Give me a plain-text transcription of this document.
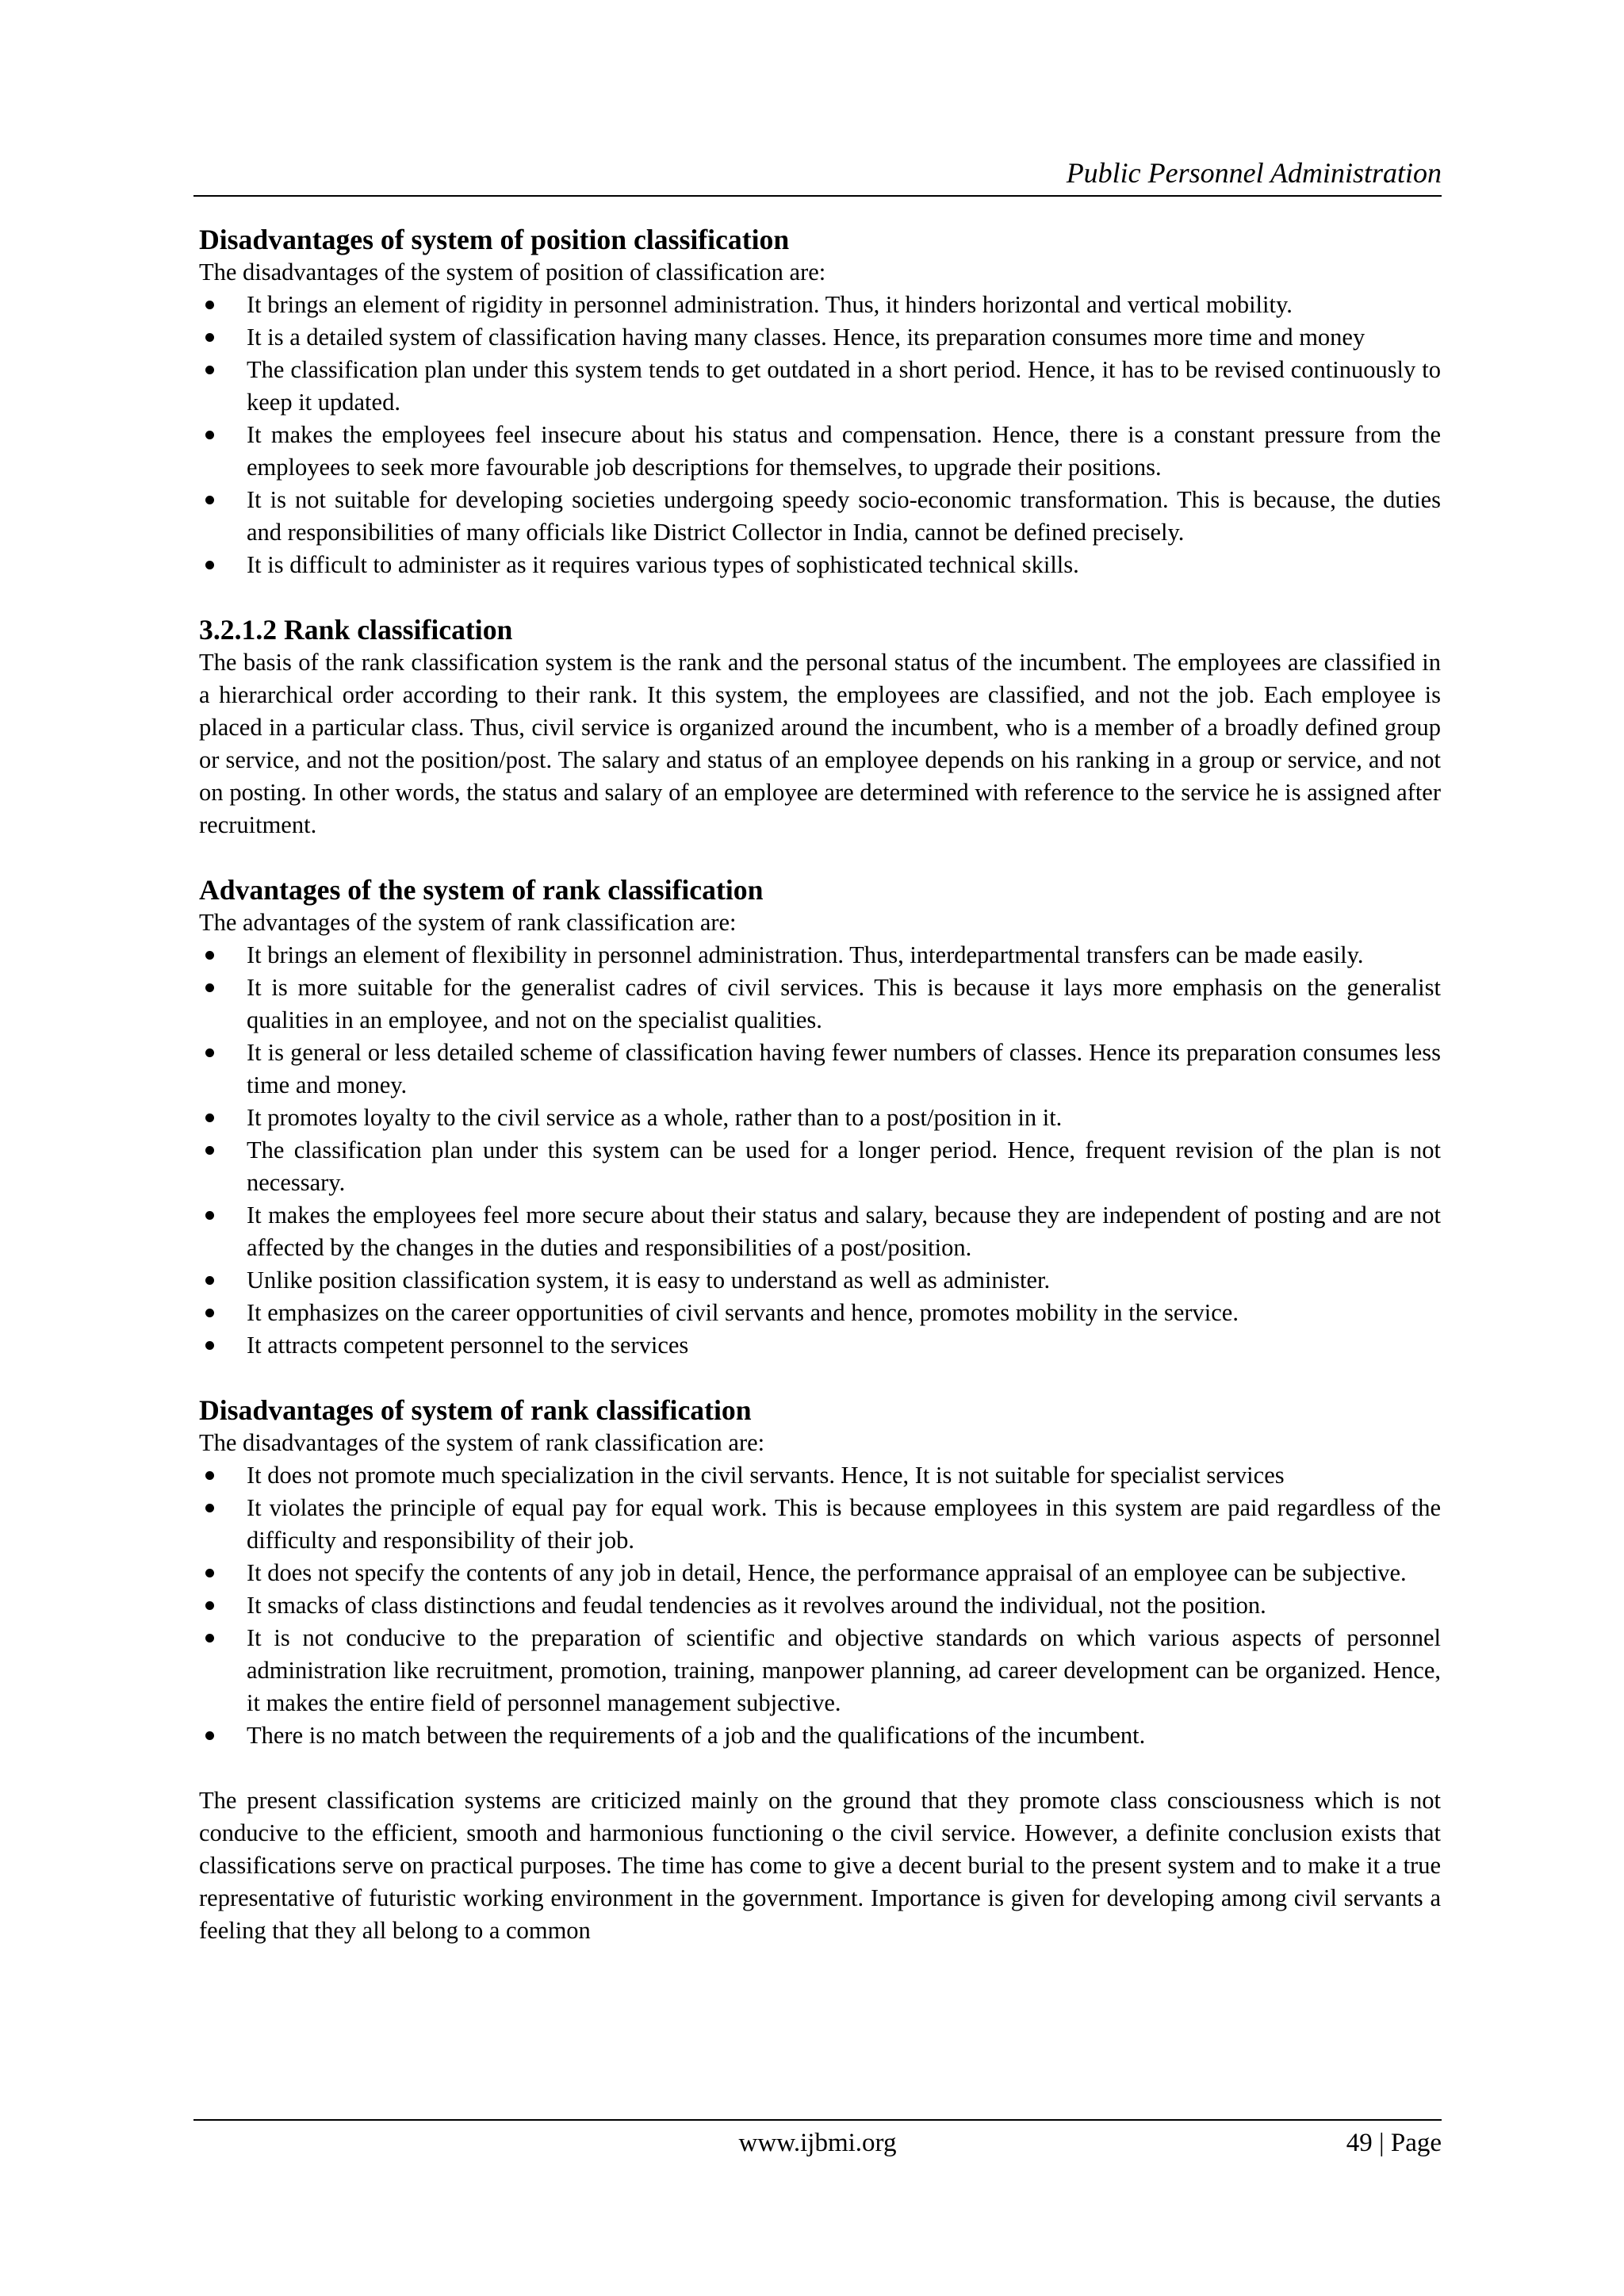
Public Personnel Administration
Disadvantages of system of position classification

The disadvantages of the system of position of classification are:

It brings an element of rigidity in personnel administration. Thus, it hinders horizontal and vertical mobility.
It is a detailed system of classification having many classes. Hence, its preparation consumes more time and money
The classification plan under this system tends to get outdated in a short period. Hence, it has to be revised continuously to keep it updated.
It makes the employees feel insecure about his status and compensation. Hence, there is a constant pressure from the employees to seek more favourable job descriptions for themselves, to upgrade their positions.
It is not suitable for developing societies undergoing speedy socio-economic transformation. This is because, the duties and responsibilities of many officials like District Collector in India, cannot be defined precisely.
It is difficult to administer as it requires various types of sophisticated technical skills.
3.2.1.2 Rank classification

The basis of the rank classification system is the rank and the personal status of the incumbent. The employees are classified in a hierarchical order according to their rank. It this system, the employees are classified, and not the job. Each employee is placed in a particular class. Thus, civil service is organized around the incumbent, who is a member of a broadly defined group or service, and not the position/post. The salary and status of an employee depends on his ranking in a group or service, and not on posting. In other words, the status and salary of an employee are determined with reference to the service he is assigned after recruitment.

Advantages of the system of rank classification

The advantages of the system of rank classification are:

It brings an element of flexibility in personnel administration. Thus, interdepartmental transfers can be made easily.
It is more suitable for the generalist cadres of civil services. This is because it lays more emphasis on the generalist qualities in an employee, and not on the specialist qualities.
It is general or less detailed scheme of classification having fewer numbers of classes. Hence its preparation consumes less time and money.
It promotes loyalty to the civil service as a whole, rather than to a post/position in it.
The classification plan under this system can be used for a longer period. Hence, frequent revision of the plan is not necessary.
It makes the employees feel more secure about their status and salary, because they are independent of posting and are not affected by the changes in the duties and responsibilities of a post/position.
Unlike position classification system, it is easy to understand as well as administer.
It emphasizes on the career opportunities of civil servants and hence, promotes mobility in the service.
It attracts competent personnel to the services
Disadvantages of system of rank classification

The disadvantages of the system of rank classification are:

It does not promote much specialization in the civil servants. Hence, It is not suitable for specialist services
It violates the principle of equal pay for equal work. This is because employees in this system are paid regardless of the difficulty and responsibility of their job.
It does not specify the contents of any job in detail, Hence, the performance appraisal of an employee can be subjective.
It smacks of class distinctions and feudal tendencies as it revolves around the individual, not the position.
It is not conducive to the preparation of scientific and objective standards on which various aspects of personnel administration like recruitment, promotion, training, manpower planning, ad career development can be organized. Hence, it makes the entire field of personnel management subjective.
There is no match between the requirements of a job and the qualifications of the incumbent.

The present classification systems are criticized mainly on the ground that they promote class consciousness which is not conducive to the efficient, smooth and harmonious functioning o the civil service. However, a definite conclusion exists that classifications serve on practical purposes. The time has come to give a decent burial to the present system and to make it a true representative of futuristic working environment in the government. Importance is given for developing among civil servants a feeling that they all belong to a common

www.ijbmi.org	49 | Page
